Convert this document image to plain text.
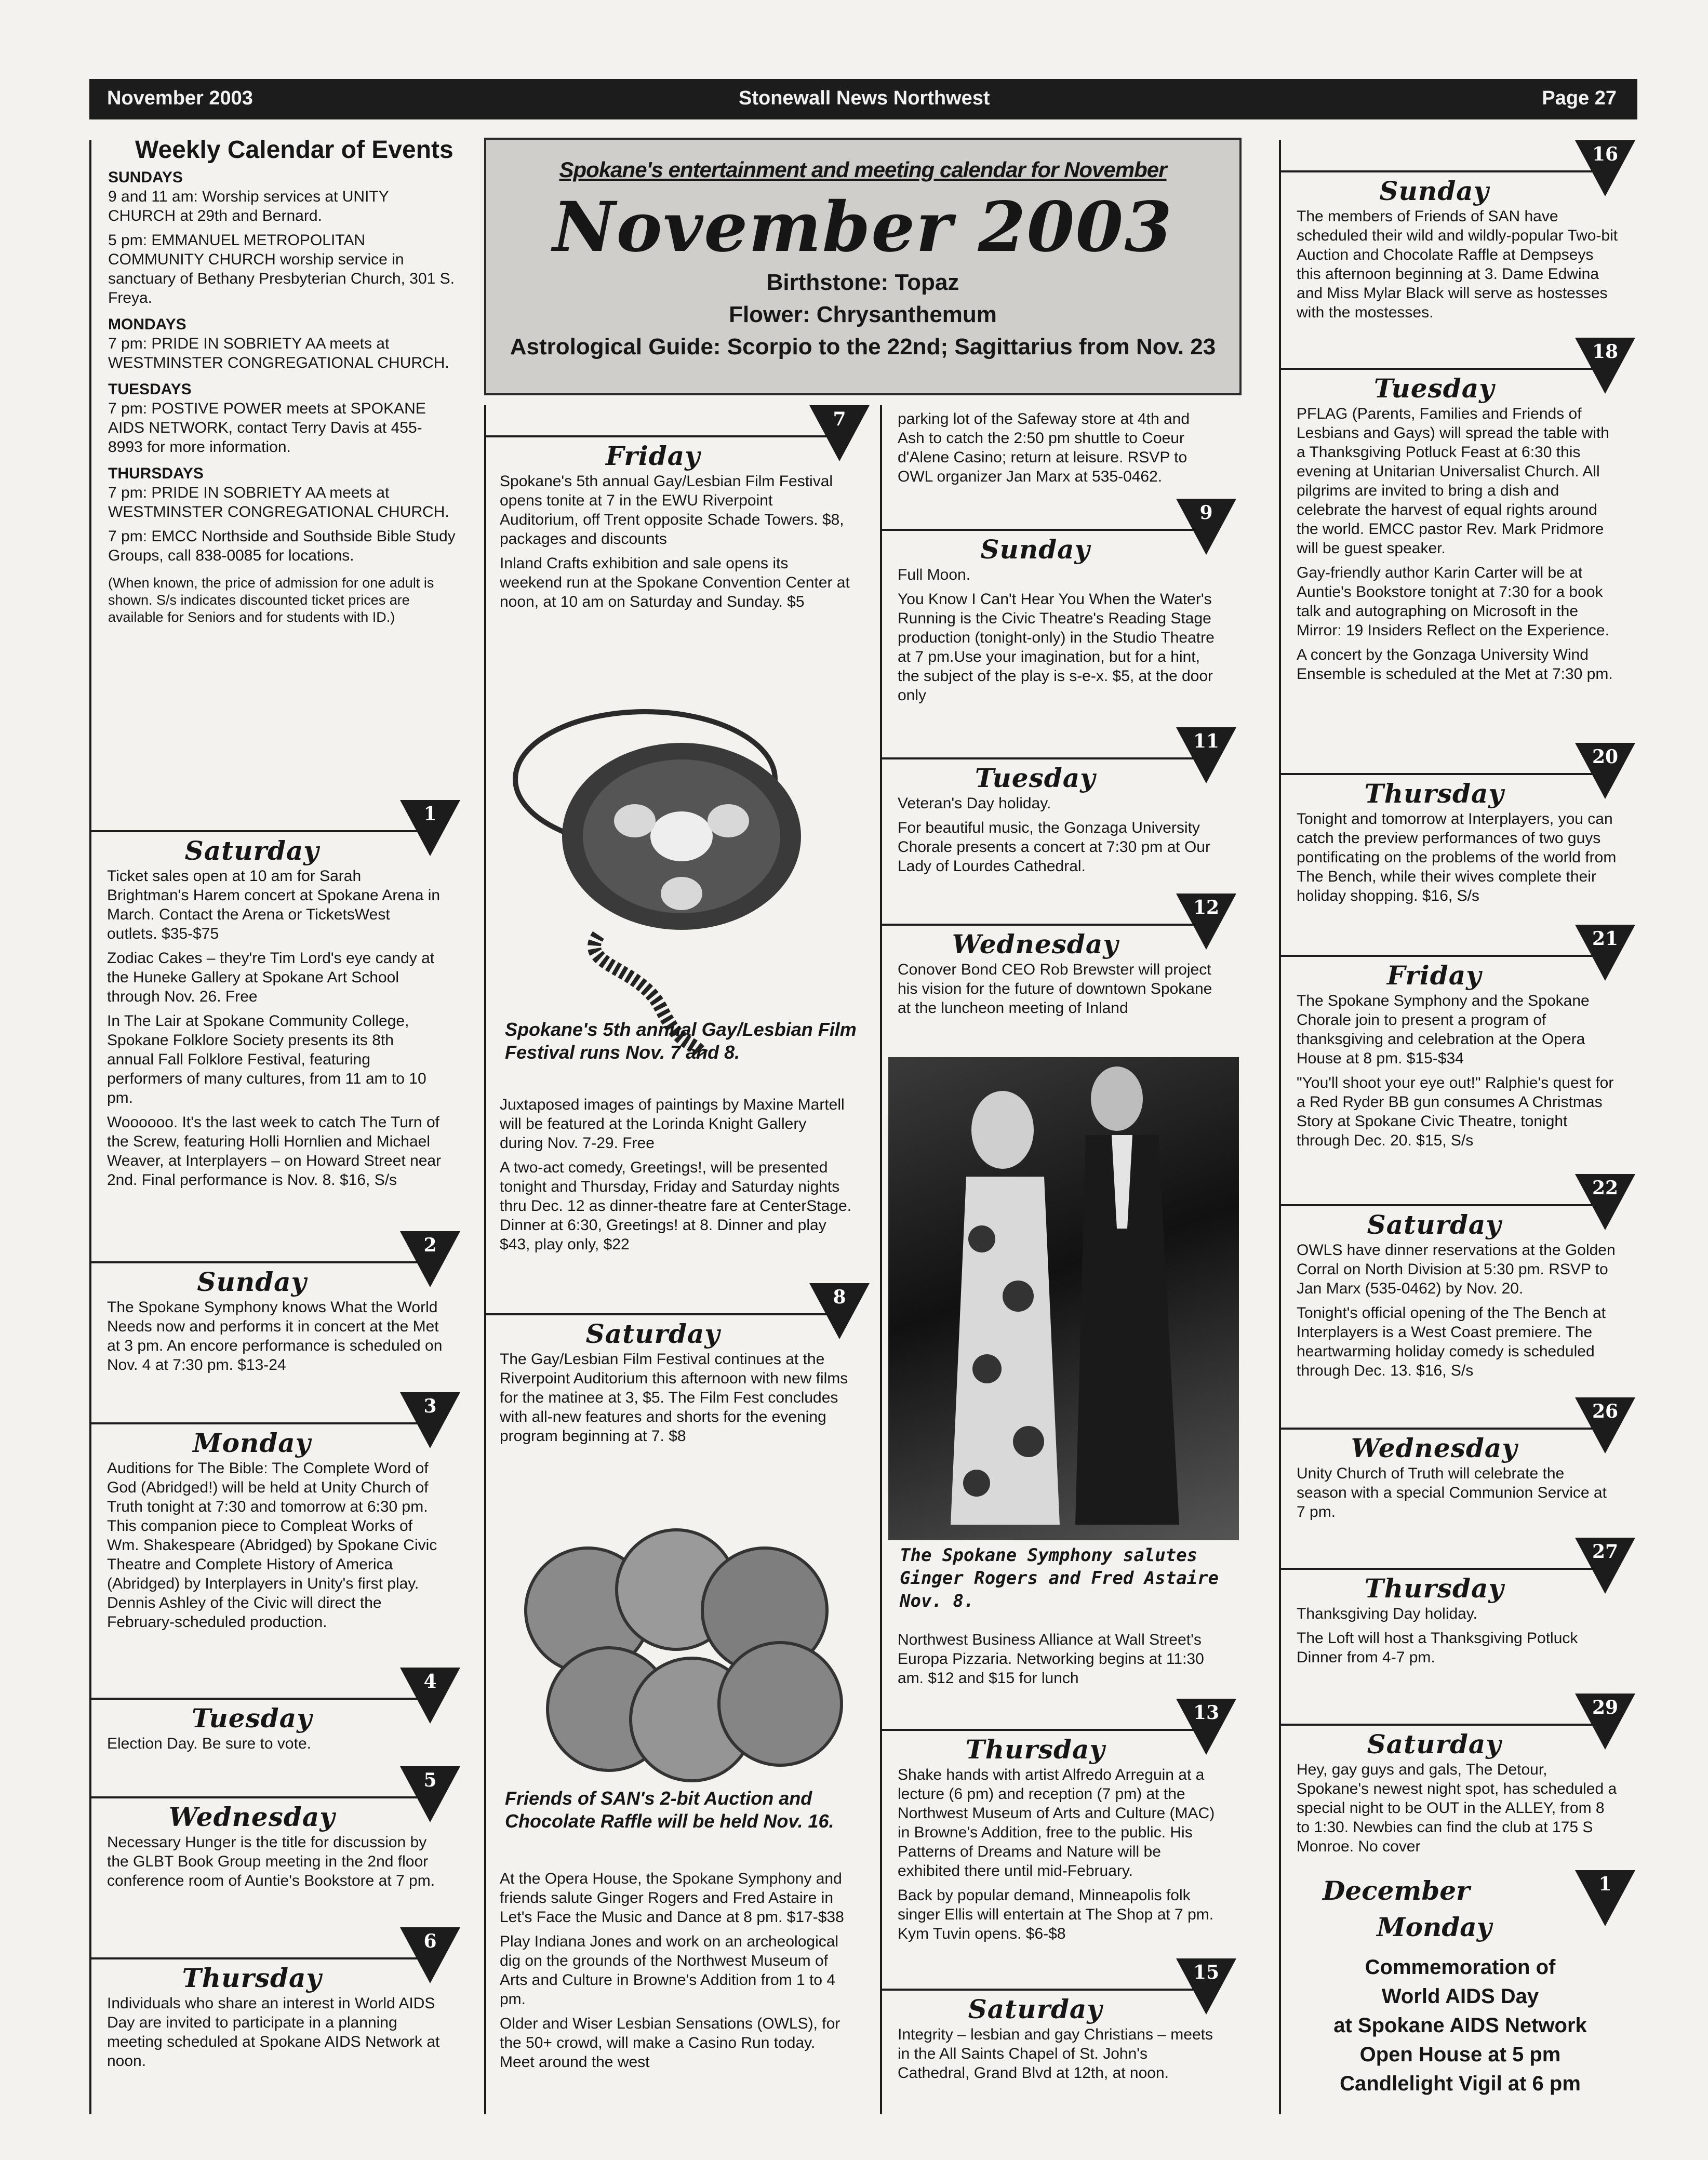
November 2003	Stonewall News Northwest	Page 27
Weekly Calendar of Events
SUNDAYS

9 and 11 am: Worship services at UNITY CHURCH at 29th and Bernard.

5 pm: EMMANUEL METROPOLITAN COMMUNITY CHURCH worship service in sanctuary of Bethany Presbyterian Church, 301 S. Freya.

MONDAYS

7 pm: PRIDE IN SOBRIETY AA meets at WESTMINSTER CONGREGATIONAL CHURCH.

TUESDAYS

7 pm: POSTIVE POWER meets at SPOKANE AIDS NETWORK, contact Terry Davis at 455-8993 for more information.

THURSDAYS

7 pm: PRIDE IN SOBRIETY AA meets at WESTMINSTER CONGREGATIONAL CHURCH.

7 pm: EMCC Northside and Southside Bible Study Groups, call 838-0085 for locations.

(When known, the price of admission for one adult is shown. S/s indicates discounted ticket prices are available for Seniors and for students with ID.)

1
Saturday

Ticket sales open at 10 am for Sarah Brightman's Harem concert at Spokane Arena in March. Contact the Arena or TicketsWest outlets. $35-$75

Zodiac Cakes – they're Tim Lord's eye candy at the Huneke Gallery at Spokane Art School through Nov. 26. Free

In The Lair at Spokane Community College, Spokane Folklore Society presents its 8th annual Fall Folklore Festival, featuring performers of many cultures, from 11 am to 10 pm.

Woooooo. It's the last week to catch The Turn of the Screw, featuring Holli Hornlien and Michael Weaver, at Interplayers – on Howard Street near 2nd. Final performance is Nov. 8. $16, S/s

2
Sunday

The Spokane Symphony knows What the World Needs now and performs it in concert at the Met at 3 pm. An encore performance is scheduled on Nov. 4 at 7:30 pm. $13-24

3
Monday

Auditions for The Bible: The Complete Word of God (Abridged!) will be held at Unity Church of Truth tonight at 7:30 and tomorrow at 6:30 pm. This companion piece to Compleat Works of Wm. Shakespeare (Abridged) by Spokane Civic Theatre and Complete History of America (Abridged) by Interplayers in Unity's first play. Dennis Ashley of the Civic will direct the February-scheduled production.

4
Tuesday

Election Day. Be sure to vote.

5
Wednesday

Necessary Hunger is the title for discussion by the GLBT Book Group meeting in the 2nd floor conference room of Auntie's Bookstore at 7 pm.

6
Thursday

Individuals who share an interest in World AIDS Day are invited to participate in a planning meeting scheduled at Spokane AIDS Network at noon.

Spokane's entertainment and meeting calendar for November
November 2003
Birthstone: Topaz
Flower: Chrysanthemum
Astrological Guide: Scorpio to the 22nd; Sagittarius from Nov. 23
7
Friday

Spokane's 5th annual Gay/Lesbian Film Festival opens tonite at 7 in the EWU Riverpoint Auditorium, off Trent opposite Schade Towers. $8, packages and discounts

Inland Crafts exhibition and sale opens its weekend run at the Spokane Convention Center at noon, at 10 am on Saturday and Sunday. $5

Spokane's 5th annual Gay/Lesbian Film Festival runs Nov. 7 and 8.

Juxtaposed images of paintings by Maxine Martell will be featured at the Lorinda Knight Gallery during Nov. 7-29. Free

A two-act comedy, Greetings!, will be presented tonight and Thursday, Friday and Saturday nights thru Dec. 12 as dinner-theatre fare at CenterStage. Dinner at 6:30, Greetings! at 8. Dinner and play $43, play only, $22

8
Saturday

The Gay/Lesbian Film Festival continues at the Riverpoint Auditorium this afternoon with new films for the matinee at 3, $5. The Film Fest concludes with all-new features and shorts for the evening program beginning at 7. $8

Friends of SAN's 2-bit Auction and Chocolate Raffle will be held Nov. 16.

At the Opera House, the Spokane Symphony and friends salute Ginger Rogers and Fred Astaire in Let's Face the Music and Dance at 8 pm. $17-$38

Play Indiana Jones and work on an archeological dig on the grounds of the Northwest Museum of Arts and Culture in Browne's Addition from 1 to 4 pm.

Older and Wiser Lesbian Sensations (OWLS), for the 50+ crowd, will make a Casino Run today. Meet around the west

parking lot of the Safeway store at 4th and Ash to catch the 2:50 pm shuttle to Coeur d'Alene Casino; return at leisure. RSVP to OWL organizer Jan Marx at 535-0462.

9
Sunday

Full Moon.

You Know I Can't Hear You When the Water's Running is the Civic Theatre's Reading Stage production (tonight-only) in the Studio Theatre at 7 pm.Use your imagination, but for a hint, the subject of the play is s-e-x. $5, at the door only

11
Tuesday

Veteran's Day holiday.

For beautiful music, the Gonzaga University Chorale presents a concert at 7:30 pm at Our Lady of Lourdes Cathedral.

12
Wednesday

Conover Bond CEO Rob Brewster will project his vision for the future of downtown Spokane at the luncheon meeting of Inland

The Spokane Symphony salutes Ginger Rogers and Fred Astaire Nov. 8.

Northwest Business Alliance at Wall Street's Europa Pizzaria. Networking begins at 11:30 am. $12 and $15 for lunch

13
Thursday

Shake hands with artist Alfredo Arreguin at a lecture (6 pm) and reception (7 pm) at the Northwest Museum of Arts and Culture (MAC) in Browne's Addition, free to the public. His Patterns of Dreams and Nature will be exhibited there until mid-February.

Back by popular demand, Minneapolis folk singer Ellis will entertain at The Shop at 7 pm. Kym Tuvin opens. $6-$8

15
Saturday

Integrity – lesbian and gay Christians – meets in the All Saints Chapel of St. John's Cathedral, Grand Blvd at 12th, at noon.

16
Sunday

The members of Friends of SAN have scheduled their wild and wildly-popular Two-bit Auction and Chocolate Raffle at Dempseys this afternoon beginning at 3. Dame Edwina and Miss Mylar Black will serve as hostesses with the mostesses.

18
Tuesday

PFLAG (Parents, Families and Friends of Lesbians and Gays) will spread the table with a Thanksgiving Potluck Feast at 6:30 this evening at Unitarian Universalist Church. All pilgrims are invited to bring a dish and celebrate the harvest of equal rights around the world. EMCC pastor Rev. Mark Pridmore will be guest speaker.

Gay-friendly author Karin Carter will be at Auntie's Bookstore tonight at 7:30 for a book talk and autographing on Microsoft in the Mirror: 19 Insiders Reflect on the Experience.

A concert by the Gonzaga University Wind Ensemble is scheduled at the Met at 7:30 pm.

20
Thursday

Tonight and tomorrow at Interplayers, you can catch the preview performances of two guys pontificating on the problems of the world from The Bench, while their wives complete their holiday shopping. $16, S/s

21
Friday

The Spokane Symphony and the Spokane Chorale join to present a program of thanksgiving and celebration at the Opera House at 8 pm. $15-$34

"You'll shoot your eye out!" Ralphie's quest for a Red Ryder BB gun consumes A Christmas Story at Spokane Civic Theatre, tonight through Dec. 20. $15, S/s

22
Saturday

OWLS have dinner reservations at the Golden Corral on North Division at 5:30 pm. RSVP to Jan Marx (535-0462) by Nov. 20.

Tonight's official opening of the The Bench at Interplayers is a West Coast premiere. The heartwarming holiday comedy is scheduled through Dec. 13. $16, S/s

26
Wednesday

Unity Church of Truth will celebrate the season with a special Communion Service at 7 pm.

27
Thursday

Thanksgiving Day holiday.

The Loft will host a Thanksgiving Potluck Dinner from 4-7 pm.

29
Saturday

Hey, gay guys and gals, The Detour, Spokane's newest night spot, has scheduled a special night to be OUT in the ALLEY, from 8 to 1:30. Newbies can find the club at 175 S Monroe. No cover

1
December
Monday
Commemoration of
World AIDS Day
at Spokane AIDS Network
Open House at 5 pm
Candlelight Vigil at 6 pm
